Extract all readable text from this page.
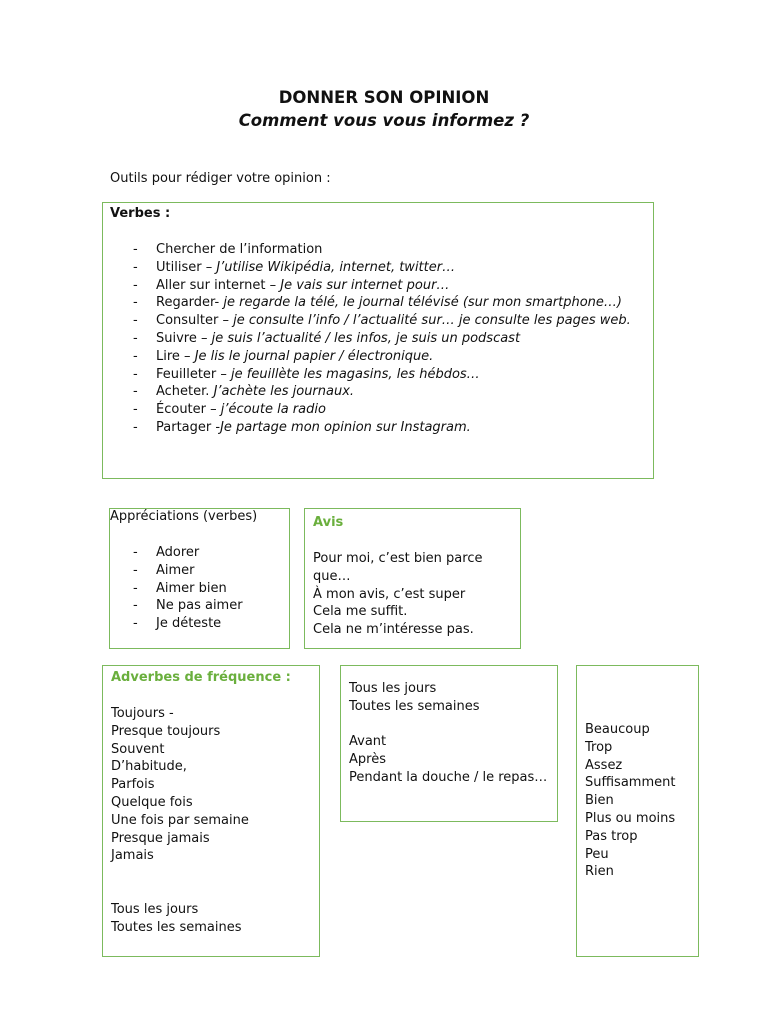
DONNER SON OPINION
Comment vous vous informez ?
Outils pour rédiger votre opinion :
Verbes :
- Chercher de l’information
- Utiliser – J’utilise Wikipédia, internet, twitter…
- Aller sur internet – Je vais sur internet pour…
- Regarder- je regarde la télé, le journal télévisé (sur mon smartphone…)
- Consulter – je consulte l’info / l’actualité sur… je consulte les pages web.
- Suivre – je suis l’actualité / les infos, je suis un podscast
- Lire – Je lis le journal papier / électronique.
- Feuilleter – je feuillète les magasins, les hébdos…
- Acheter. J’achète les journaux.
- Écouter – j’écoute la radio
- Partager -Je partage mon opinion sur Instagram.
Appréciations (verbes)
- Adorer
- Aimer
- Aimer bien
- Ne pas aimer
- Je déteste
Avis
Pour moi, c’est bien parce
que…
À mon avis, c’est super
Cela me suffit.
Cela ne m’intéresse pas.
Adverbes de fréquence :
Toujours -
Presque toujours
Souvent
D’habitude,
Parfois
Quelque fois
Une fois par semaine
Presque jamais
Jamais
Tous les jours
Toutes les semaines
Tous les jours
Toutes les semaines
Avant
Après
Pendant la douche / le repas…
Beaucoup
Trop
Assez
Suffisamment
Bien
Plus ou moins
Pas trop
Peu
Rien
